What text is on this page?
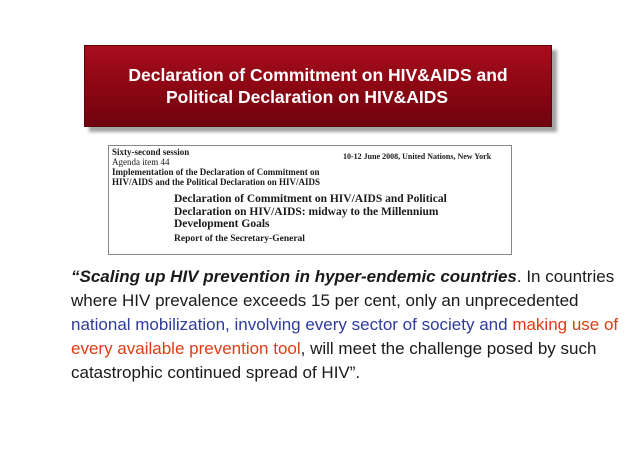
Declaration of Commitment on HIV&AIDS and
Political Declaration on HIV&AIDS
Sixty-second session
Agenda item 44
Implementation of the Declaration of Commitment on
HIV/AIDS and the Political Declaration on HIV/AIDS
10-12 June 2008, United Nations, New York
Declaration of Commitment on HIV/AIDS and Political Declaration on HIV/AIDS: midway to the Millennium Development Goals
Report of the Secretary-General
“Scaling up HIV prevention in hyper-endemic countries. In countries where HIV prevalence exceeds 15 per cent, only an unprecedented national mobilization, involving every sector of society and making use of every available prevention tool, will meet the challenge posed by such catastrophic continued spread of HIV”.
